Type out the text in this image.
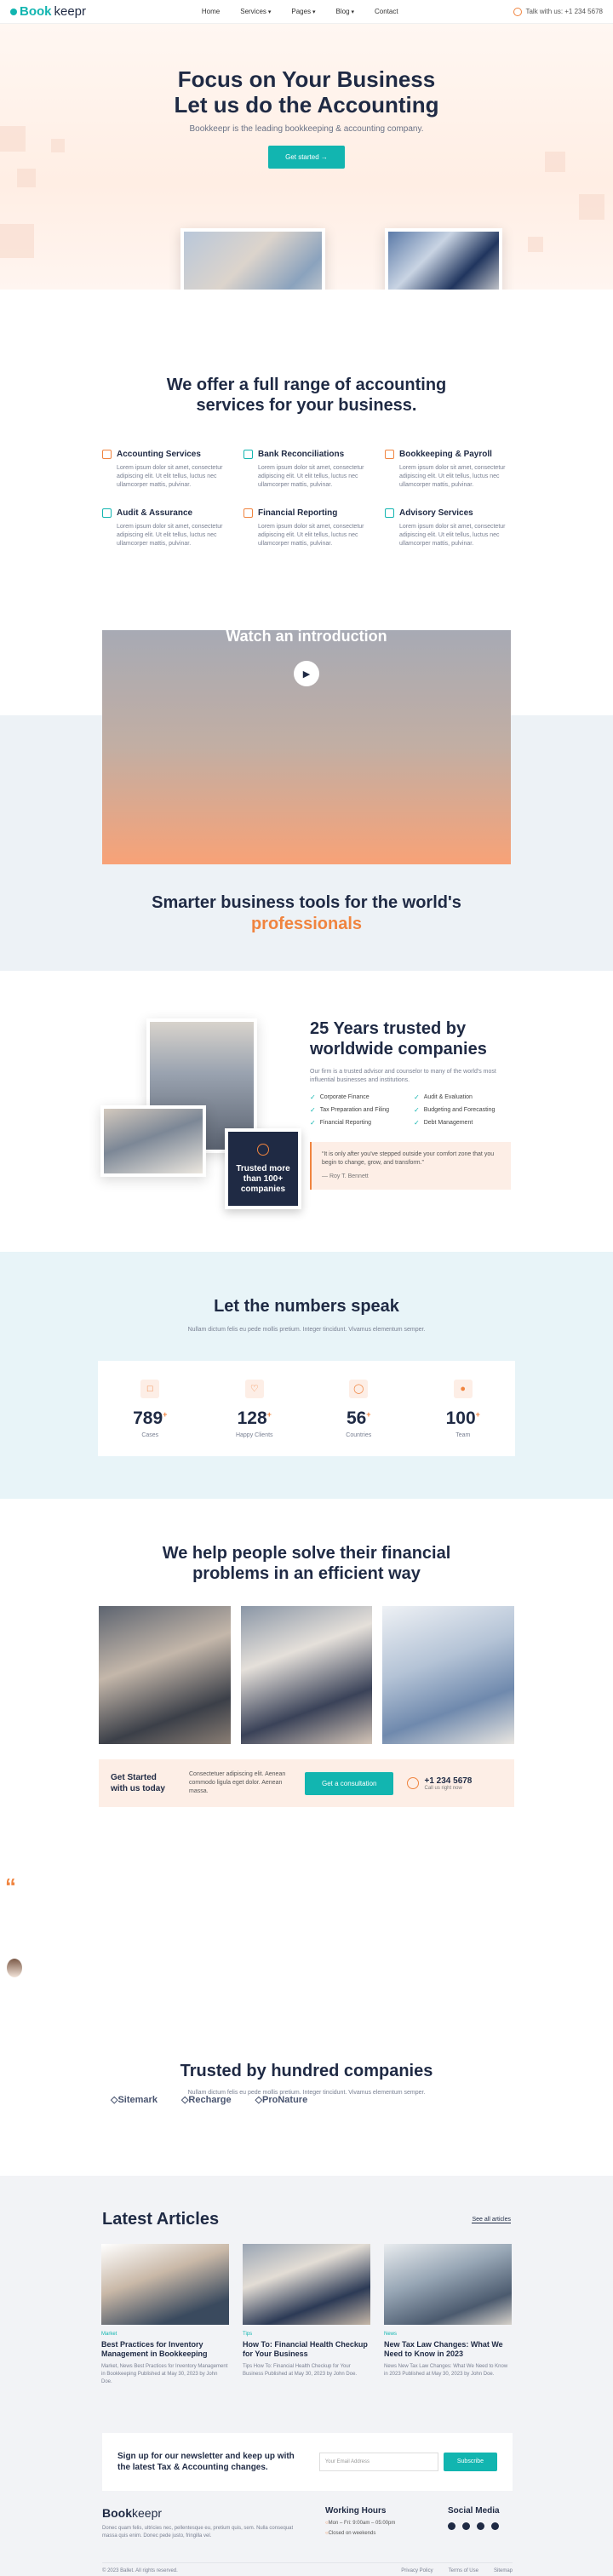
Book keepr	Home	Services ▾	Pages ▾	Blog ▾	Contact	Talk with us: +1 234 5678
Focus on Your Business
Let us do the Accounting

Bookkeepr is the leading bookkeeping & accounting company.

Get started →
We offer a full range of accounting
services for your business.
Accounting Services

Lorem ipsum dolor sit amet, consectetur adipiscing elit. Ut elit tellus, luctus nec ullamcorper mattis, pulvinar.

Bank Reconciliations

Lorem ipsum dolor sit amet, consectetur adipiscing elit. Ut elit tellus, luctus nec ullamcorper mattis, pulvinar.

Bookkeeping & Payroll

Lorem ipsum dolor sit amet, consectetur adipiscing elit. Ut elit tellus, luctus nec ullamcorper mattis, pulvinar.

Audit & Assurance

Lorem ipsum dolor sit amet, consectetur adipiscing elit. Ut elit tellus, luctus nec ullamcorper mattis, pulvinar.

Financial Reporting

Lorem ipsum dolor sit amet, consectetur adipiscing elit. Ut elit tellus, luctus nec ullamcorper mattis, pulvinar.

Advisory Services

Lorem ipsum dolor sit amet, consectetur adipiscing elit. Ut elit tellus, luctus nec ullamcorper mattis, pulvinar.

Watch an introduction
▶
Smarter business tools for the world's
professionals
Trusted more
than 100+
companies
25 Years trusted by
worldwide companies

Our firm is a trusted advisor and counselor to many of the world's most influential businesses and institutions.

✓ Corporate Finance	✓ Audit & Evaluation
✓ Tax Preparation and Filing	✓ Budgeting and Forecasting
✓ Financial Reporting	✓ Debt Management
“It is only after you've stepped outside your comfort zone that you begin to change, grow, and transform.”
— Roy T. Bennett
Let the numbers speak

Nullam dictum felis eu pede mollis pretium. Integer tincidunt. Vivamus elementum semper.

□
789+
Cases
♡
128+
Happy Clients
◯
56+
Countries
●
100+
Team
We help people solve their financial
problems in an efficient way
Get Started
with us today
Consectetuer adipiscing elit. Aenean commodo ligula eget dolor. Aenean massa.
Get a consultation	+1 234 5678
Call us right now
“
Trusted by hundred companies

Nullam dictum felis eu pede mollis pretium. Integer tincidunt. Vivamus elementum semper.

◇ Sitemark	◇ Recharge	◇ ProNature
Latest Articles	See all articles
Market
Best Practices for Inventory Management in Bookkeeping

Market, News Best Practices for Inventory Management in Bookkeeping Published at May 30, 2023 by John Doe.

Tips
How To: Financial Health Checkup for Your Business

Tips How To: Financial Health Checkup for Your Business Published at May 30, 2023 by John Doe.

News
New Tax Law Changes: What We Need to Know in 2023

News New Tax Law Changes: What We Need to Know in 2023 Published at May 30, 2023 by John Doe.

Sign up for our newsletter and keep up with
the latest Tax & Accounting changes.
Your Email Address	Subscribe
Bookkeepr

Donec quam felis, ultricies nec, pellentesque eu, pretium quis, sem. Nulla consequat massa quis enim. Donec pede justo, fringilla vel.

Working Hours
○ Mon – Fri: 9:00am – 05:00pm
○ Closed on weekends
Social Media
© 2023 Ballet. All rights reserved.	Privacy Policy	Terms of Use	Sitemap
